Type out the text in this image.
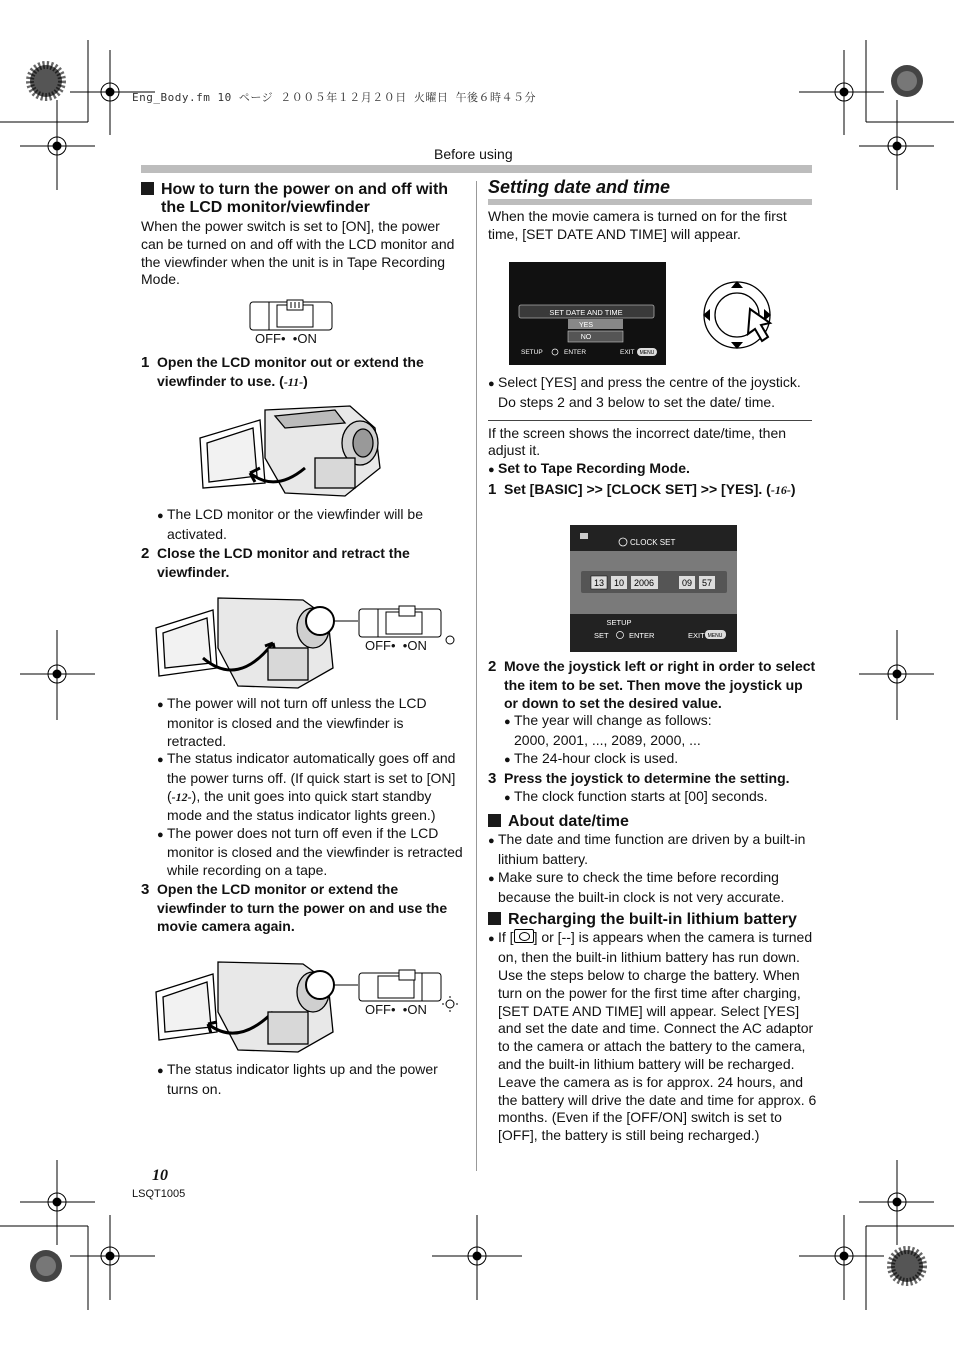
Eng_Body.fm 10 ページ ２００５年１２月２０日 火曜日 午後６時４５分
Before using
How to turn the power on and off with the LCD monitor/viewfinder

When the power switch is set to [ON], the power can be turned on and off with the LCD monitor and the viewfinder when the unit is in Tape Recording Mode.

OFF•  •ON
1 Open the LCD monitor out or extend the viewfinder to use. (-11-)

● The LCD monitor or the viewfinder will be activated.

2 Close the LCD monitor and retract the viewfinder.
OFF•  •ON

● The power will not turn off unless the LCD monitor is closed and the viewfinder is retracted.

● The status indicator automatically goes off and the power turns off. (If quick start is set to [ON] (-12-), the unit goes into quick start standby mode and the status indicator lights green.)

● The power does not turn off even if the LCD monitor is closed and the viewfinder is retracted while recording on a tape.

3 Open the LCD monitor or extend the viewfinder to turn the power on and use the movie camera again.
OFF•  •ON

● The status indicator lights up and the power turns on.

Setting date and time

When the movie camera is turned on for the first time, [SET DATE AND TIME] will appear.

SET DATE AND TIME
YES
NO
SETUP	ENTER	EXIT MENU

● Select [YES] and press the centre of the joystick. Do steps 2 and 3 below to set the date/ time.

If the screen shows the incorrect date/time, then adjust it.

● Set to Tape Recording Mode.

1 Set [BASIC] >> [CLOCK SET] >> [YES]. (-16-)
CLOCK SET
13 10 2006	09 57
SETUP
SET	ENTER	EXIT MENU
2 Move the joystick left or right in order to select the item to be set. Then move the joystick up or down to set the desired value.

● The year will change as follows:

2000, 2001, ..., 2089, 2000, ...

● The 24-hour clock is used.

3 Press the joystick to determine the setting.

● The clock function starts at [00] seconds.

About date/time

● The date and time function are driven by a built-in lithium battery.

● Make sure to check the time before recording because the built-in clock is not very accurate.

Recharging the built-in lithium battery

● If [ ] or [--] is appears when the camera is turned on, then the built-in lithium battery has run down. Use the steps below to charge the battery. When turn on the power for the first time after charging, [SET DATE AND TIME] will appear. Select [YES] and set the date and time. Connect the AC adaptor to the camera or attach the battery to the camera, and the built-in lithium battery will be recharged. Leave the camera as is for approx. 24 hours, and the battery will drive the date and time for approx. 6 months. (Even if the [OFF/ON] switch is set to [OFF], the battery is still being recharged.)

10
LSQT1005
